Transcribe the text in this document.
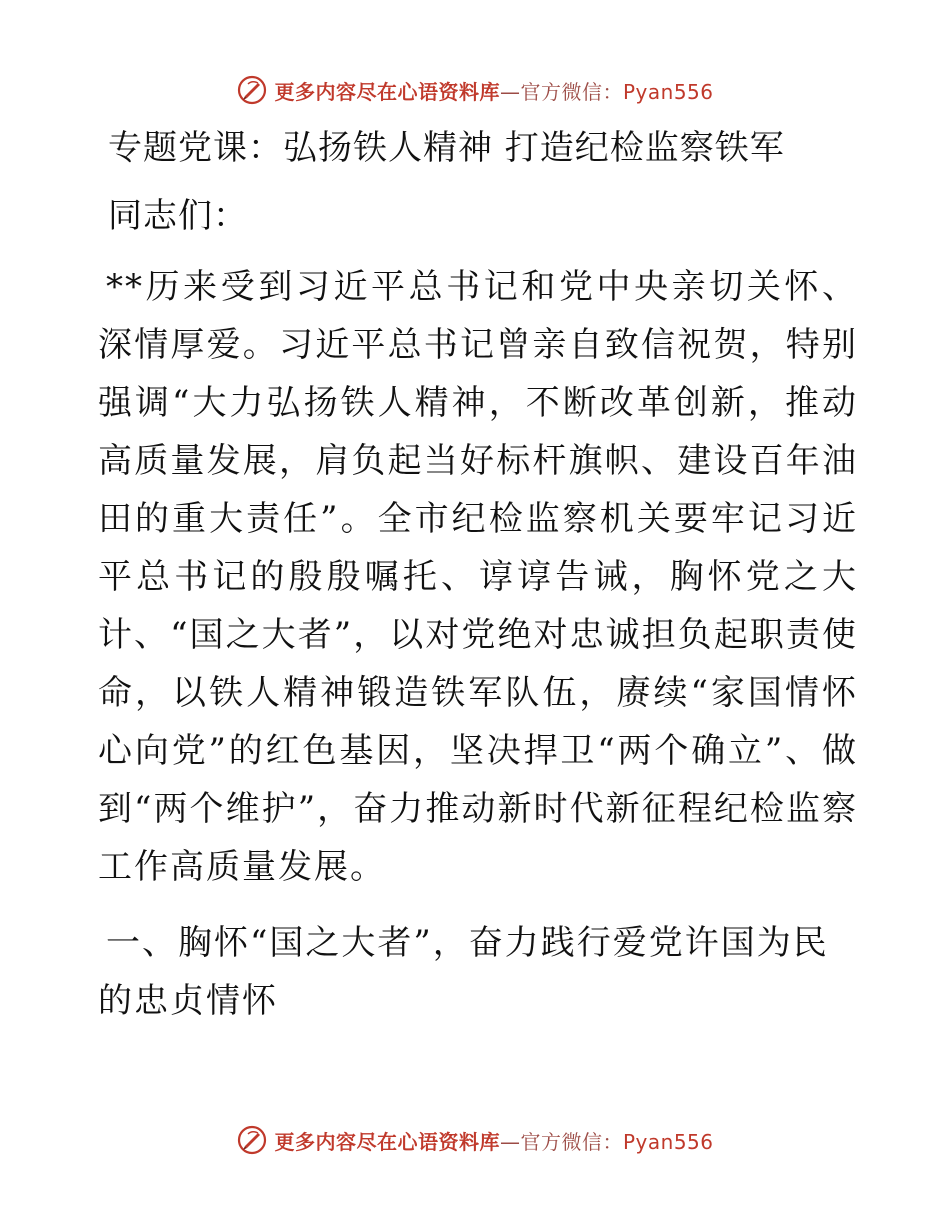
更多内容尽在心语资料库—官方微信：Pyan556
专题党课：弘扬铁人精神 打造纪检监察铁军
同志们：

**历来受到习近平总书记和党中央亲切关怀、深情厚爱。习近平总书记曾亲自致信祝贺，特别强调“大力弘扬铁人精神，不断改革创新，推动高质量发展，肩负起当好标杆旗帜、建设百年油田的重大责任”。全市纪检监察机关要牢记习近平总书记的殷殷嘱托、谆谆告诫，胸怀党之大计、“国之大者”，以对党绝对忠诚担负起职责使命，以铁人精神锻造铁军队伍，赓续“家国情怀心向党”的红色基因，坚决捍卫“两个确立”、做到“两个维护”，奋力推动新时代新征程纪检监察工作高质量发展。

一、胸怀“国之大者”，奋力践行爱党许国为民的忠贞情怀

更多内容尽在心语资料库—官方微信：Pyan556
